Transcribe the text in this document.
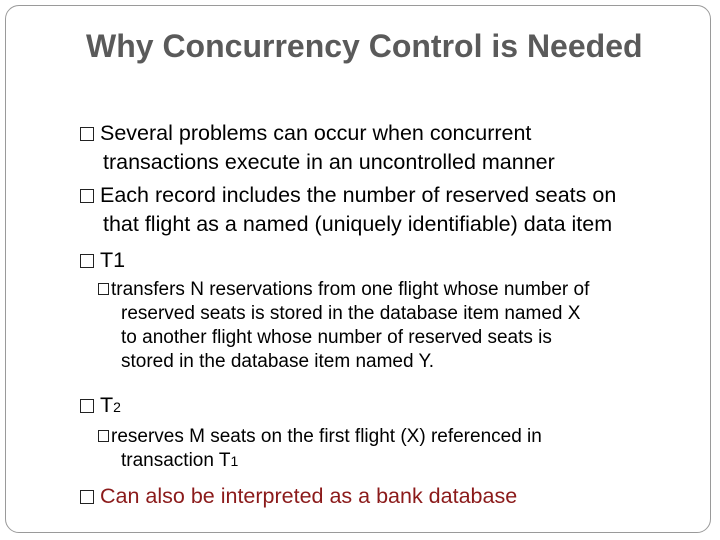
Why Concurrency Control is Needed
Several problems can occur when concurrent
transactions execute in an uncontrolled manner
Each record includes the number of reserved seats on
that flight as a named (uniquely identifiable) data item
T1
transfers N reservations from one flight whose number of
reserved seats is stored in the database item named X
to another flight whose number of reserved seats is
stored in the database item named Y.
T2
reserves M seats on the first flight (X) referenced in
transaction T1
Can also be interpreted as a bank database
